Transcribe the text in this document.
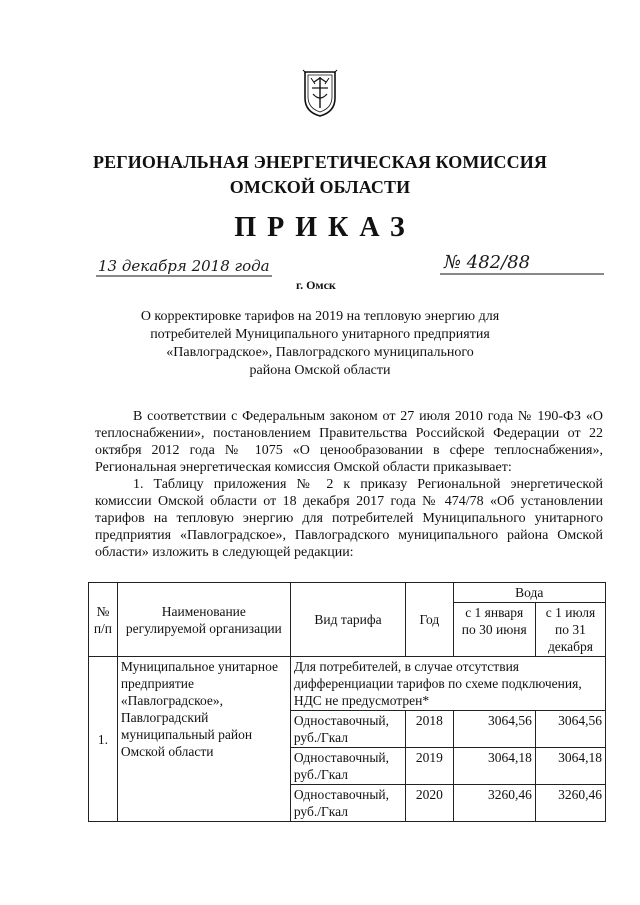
РЕГИОНАЛЬНАЯ ЭНЕРГЕТИЧЕСКАЯ КОМИССИЯ
ОМСКОЙ ОБЛАСТИ
ПРИКАЗ
13 декабря 2018 года
г. Омск
№ 482/88
О корректировке тарифов на 2019 на тепловую энергию для
потребителей Муниципального унитарного предприятия
«Павлоградское», Павлоградского муниципального
района Омской области

В соответствии с Федеральным законом от 27 июля 2010 года № 190-ФЗ «О теплоснабжении», постановлением Правительства Российской Федерации от 22 октября 2012 года № 1075 «О ценообразовании в сфере теплоснабжения», Региональная энергетическая комиссия Омской области приказывает:

1. Таблицу приложения № 2 к приказу Региональной энергетической комиссии Омской области от 18 декабря 2017 года № 474/78 «Об установлении тарифов на тепловую энергию для потребителей Муниципального унитарного предприятия «Павлоградское», Павлоградского муниципального района Омской области» изложить в следующей редакции:

№ п/п	Наименование регулируемой организации	Вид тарифа	Год	Вода	
				с 1 января по 30 июня	с 1 июля по 31 декабря
1.	Муниципальное унитарное предприятие «Павлоградское», Павлоградский муниципальный район Омской области	Для потребителей, в случае отсутствия дифференциации тарифов по схеме подключения, НДС не предусмотрен*			
		Одноставочный, руб./Гкал	2018	3064,56	3064,56
		Одноставочный, руб./Гкал	2019	3064,18	3064,18
		Одноставочный, руб./Гкал	2020	3260,46	3260,46
